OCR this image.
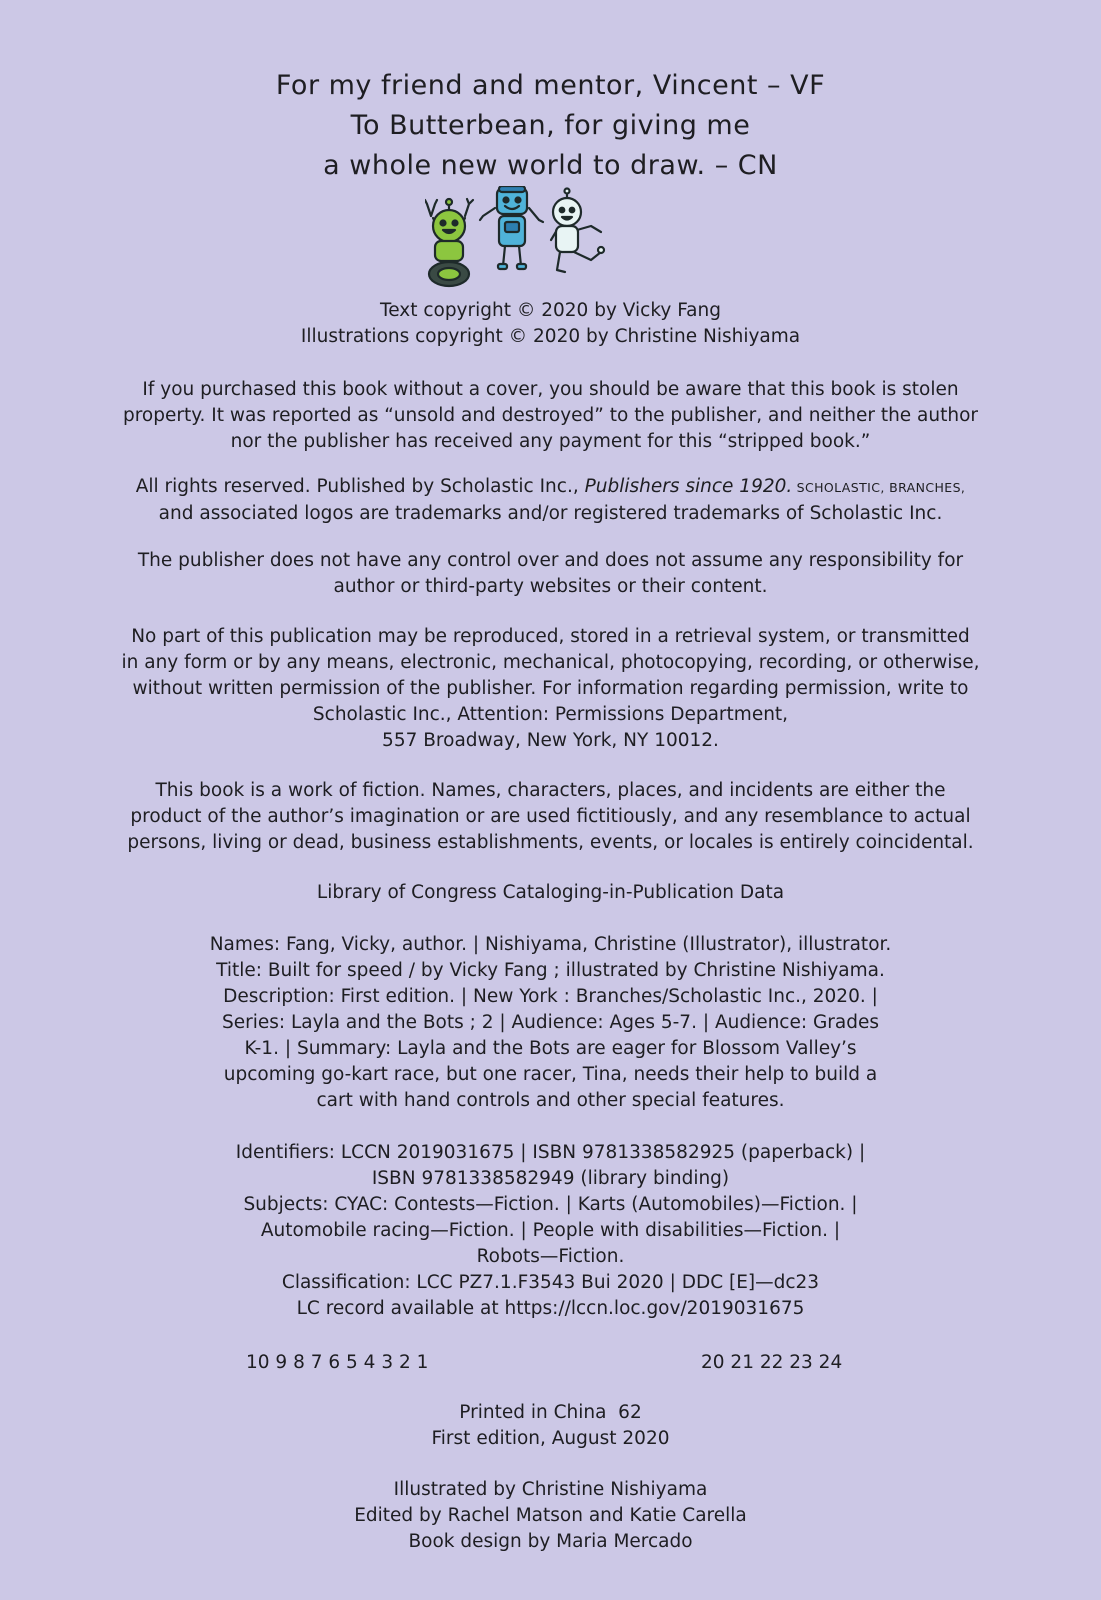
For my friend and mentor, Vincent – VF
To Butterbean, for giving me
a whole new world to draw. – CN
Text copyright © 2020 by Vicky Fang
Illustrations copyright © 2020 by Christine Nishiyama
If you purchased this book without a cover, you should be aware that this book is stolen
property. It was reported as “unsold and destroyed” to the publisher, and neither the author
nor the publisher has received any payment for this “stripped book.”
All rights reserved. Published by Scholastic Inc., Publishers since 1920. SCHOLASTIC, BRANCHES,
and associated logos are trademarks and/or registered trademarks of Scholastic Inc.
The publisher does not have any control over and does not assume any responsibility for
author or third-party websites or their content.
No part of this publication may be reproduced, stored in a retrieval system, or transmitted
in any form or by any means, electronic, mechanical, photocopying, recording, or otherwise,
without written permission of the publisher. For information regarding permission, write to
Scholastic Inc., Attention: Permissions Department,
557 Broadway, New York, NY 10012.
This book is a work of fiction. Names, characters, places, and incidents are either the
product of the author’s imagination or are used fictitiously, and any resemblance to actual
persons, living or dead, business establishments, events, or locales is entirely coincidental.
Library of Congress Cataloging-in-Publication Data
Names: Fang, Vicky, author. | Nishiyama, Christine (Illustrator), illustrator.
Title: Built for speed / by Vicky Fang ; illustrated by Christine Nishiyama.
Description: First edition. | New York : Branches/Scholastic Inc., 2020. |
Series: Layla and the Bots ; 2 | Audience: Ages 5-7. | Audience: Grades
K-1. | Summary: Layla and the Bots are eager for Blossom Valley’s
upcoming go-kart race, but one racer, Tina, needs their help to build a
cart with hand controls and other special features.
Identifiers: LCCN 2019031675 | ISBN 9781338582925 (paperback) |
ISBN 9781338582949 (library binding)
Subjects: CYAC: Contests—Fiction. | Karts (Automobiles)—Fiction. |
Automobile racing—Fiction. | People with disabilities—Fiction. |
Robots—Fiction.
Classification: LCC PZ7.1.F3543 Bui 2020 | DDC [E]—dc23
LC record available at https://lccn.loc.gov/2019031675
10 9 8 7 6 5 4 3 2 1	20 21 22 23 24
Printed in China  62
First edition, August 2020
Illustrated by Christine Nishiyama
Edited by Rachel Matson and Katie Carella
Book design by Maria Mercado
